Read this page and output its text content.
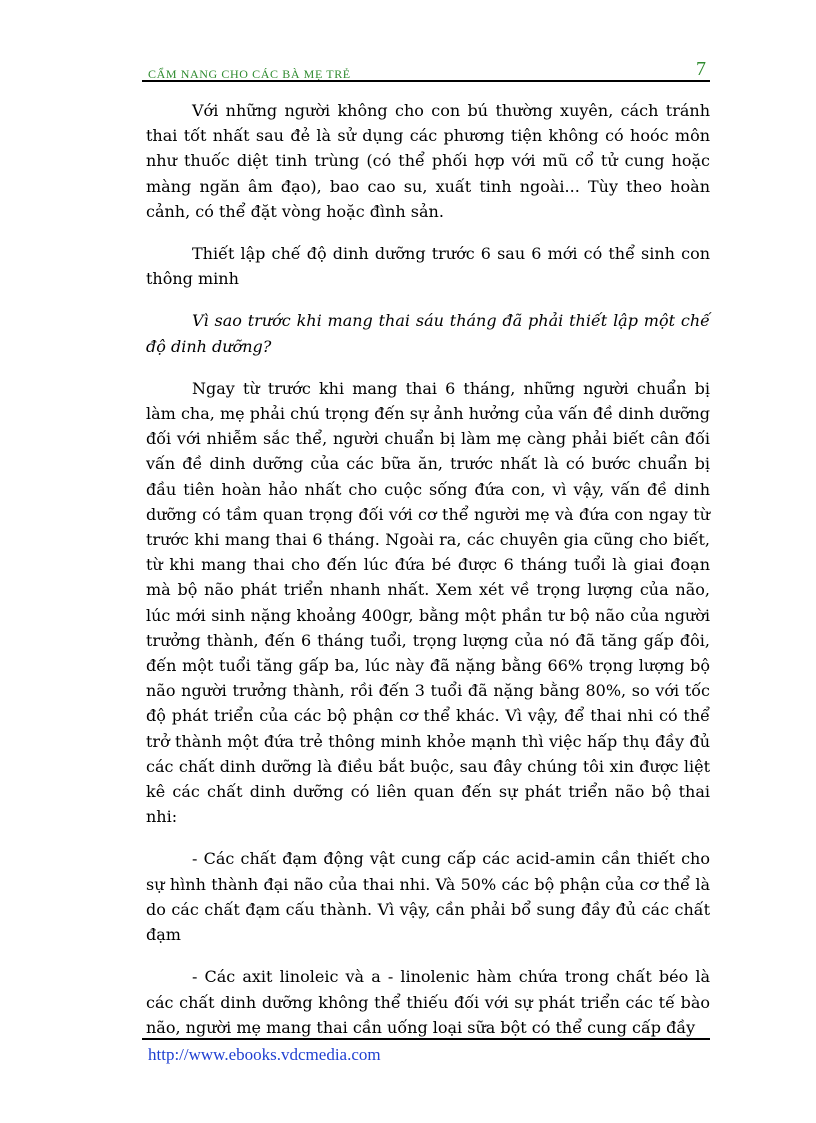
CẨM NANG CHO CÁC BÀ MẸ TRẺ	7

Với những người không cho con bú thường xuyên, cách tránh thai tốt nhất sau đẻ là sử dụng các phương tiện không có hoóc môn như thuốc diệt tinh trùng (có thể phối hợp với mũ cổ tử cung hoặc màng ngăn âm đạo), bao cao su, xuất tinh ngoài... Tùy theo hoàn cảnh, có thể đặt vòng hoặc đình sản.

Thiết lập chế độ dinh dưỡng trước 6 sau 6 mới có thể sinh con thông minh

Vì sao trước khi mang thai sáu tháng đã phải thiết lập một chế độ dinh dưỡng?

Ngay từ trước khi mang thai 6 tháng, những người chuẩn bị làm cha, mẹ phải chú trọng đến sự ảnh hưởng của vấn đề dinh dưỡng đối với nhiễm sắc thể, người chuẩn bị làm mẹ càng phải biết cân đối vấn đề dinh dưỡng của các bữa ăn, trước nhất là có bước chuẩn bị đầu tiên hoàn hảo nhất cho cuộc sống đứa con, vì vậy, vấn đề dinh dưỡng có tầm quan trọng đối với cơ thể người mẹ và đứa con ngay từ trước khi mang thai 6 tháng. Ngoài ra, các chuyên gia cũng cho biết, từ khi mang thai cho đến lúc đứa bé được 6 tháng tuổi là giai đoạn mà bộ não phát triển nhanh nhất. Xem xét về trọng lượng của não, lúc mới sinh nặng khoảng 400gr, bằng một phần tư bộ não của người trưởng thành, đến 6 tháng tuổi, trọng lượng của nó đã tăng gấp đôi, đến một tuổi tăng gấp ba, lúc này đã nặng bằng 66% trọng lượng bộ não người trưởng thành, rồi đến 3 tuổi đã nặng bằng 80%, so với tốc độ phát triển của các bộ phận cơ thể khác. Vì vậy, để thai nhi có thể trở thành một đứa trẻ thông minh khỏe mạnh thì việc hấp thụ đầy đủ các chất dinh dưỡng là điều bắt buộc, sau đây chúng tôi xin được liệt kê các chất dinh dưỡng có liên quan đến sự phát triển não bộ thai nhi:

- Các chất đạm động vật cung cấp các acid-amin cần thiết cho sự hình thành đại não của thai nhi. Và 50% các bộ phận của cơ thể là do các chất đạm cấu thành. Vì vậy, cần phải bổ sung đầy đủ các chất đạm

- Các axit linoleic và a - linolenic hàm chứa trong chất béo là các chất dinh dưỡng không thể thiếu đối với sự phát triển các tế bào não, người mẹ mang thai cần uống loại sữa bột có thể cung cấp đầy

http://www.ebooks.vdcmedia.com
